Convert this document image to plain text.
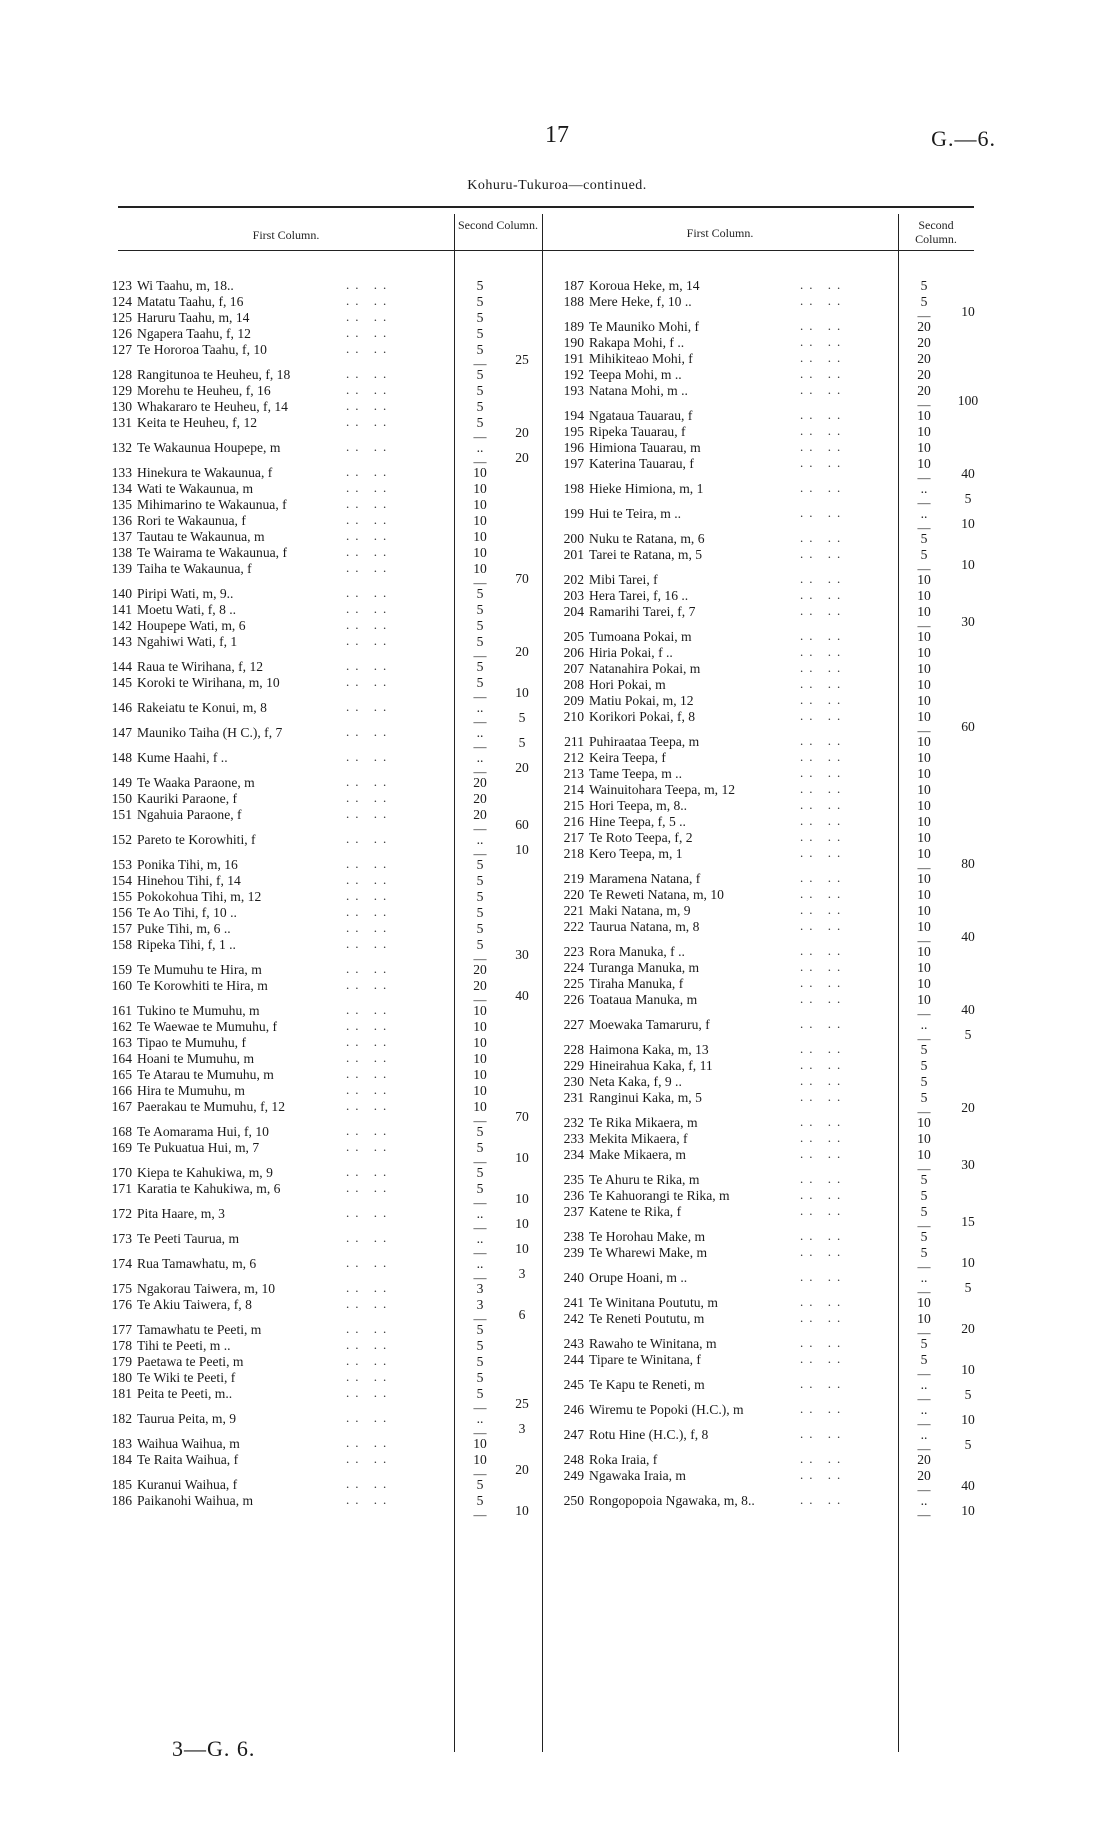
17	G.—6.
Kohuru-Tukuroa—continued.
First Column.
Second Column.
First Column.
Second Column.
123 Wi Taahu, m, 18..	.. ..	5
124 Matatu Taahu, f, 16	.. ..	5
125 Haruru Taahu, m, 14	.. ..	5
126 Ngapera Taahu, f, 12	.. ..	5
127 Te Hororoa Taahu, f, 10	.. ..	5
—	25
128 Rangitunoa te Heuheu, f, 18	.. ..	5
129 Morehu te Heuheu, f, 16	.. ..	5
130 Whakararo te Heuheu, f, 14	.. ..	5
131 Keita te Heuheu, f, 12	.. ..	5
—	20
132 Te Wakaunua Houpepe, m	.. ..	..
—	20
133 Hinekura te Wakaunua, f	.. ..	10
134 Wati te Wakaunua, m	.. ..	10
135 Mihimarino te Wakaunua, f	.. ..	10
136 Rori te Wakaunua, f	.. ..	10
137 Tautau te Wakaunua, m	.. ..	10
138 Te Wairama te Wakaunua, f	.. ..	10
139 Taiha te Wakaunua, f	.. ..	10
—	70
140 Piripi Wati, m, 9..	.. ..	5
141 Moetu Wati, f, 8 ..	.. ..	5
142 Houpepe Wati, m, 6	.. ..	5
143 Ngahiwi Wati, f, 1	.. ..	5
—	20
144 Raua te Wirihana, f, 12	.. ..	5
145 Koroki te Wirihana, m, 10	.. ..	5
—	10
146 Rakeiatu te Konui, m, 8	.. ..	..
—	5
147 Mauniko Taiha (H C.), f, 7	.. ..	..
—	5
148 Kume Haahi, f ..	.. ..	..
—	20
149 Te Waaka Paraone, m	.. ..	20
150 Kauriki Paraone, f	.. ..	20
151 Ngahuia Paraone, f	.. ..	20
—	60
152 Pareto te Korowhiti, f	.. ..	..
—	10
153 Ponika Tihi, m, 16	.. ..	5
154 Hinehou Tihi, f, 14	.. ..	5
155 Pokokohua Tihi, m, 12	.. ..	5
156 Te Ao Tihi, f, 10 ..	.. ..	5
157 Puke Tihi, m, 6 ..	.. ..	5
158 Ripeka Tihi, f, 1 ..	.. ..	5
—	30
159 Te Mumuhu te Hira, m	.. ..	20
160 Te Korowhiti te Hira, m	.. ..	20
—	40
161 Tukino te Mumuhu, m	.. ..	10
162 Te Waewae te Mumuhu, f	.. ..	10
163 Tipao te Mumuhu, f	.. ..	10
164 Hoani te Mumuhu, m	.. ..	10
165 Te Atarau te Mumuhu, m	.. ..	10
166 Hira te Mumuhu, m	.. ..	10
167 Paerakau te Mumuhu, f, 12	.. ..	10
—	70
168 Te Aomarama Hui, f, 10	.. ..	5
169 Te Pukuatua Hui, m, 7	.. ..	5
—	10
170 Kiepa te Kahukiwa, m, 9	.. ..	5
171 Karatia te Kahukiwa, m, 6	.. ..	5
—	10
172 Pita Haare, m, 3	.. ..	..
—	10
173 Te Peeti Taurua, m	.. ..	..
—	10
174 Rua Tamawhatu, m, 6	.. ..	..
—	3
175 Ngakorau Taiwera, m, 10	.. ..	3
176 Te Akiu Taiwera, f, 8	.. ..	3
—	6
177 Tamawhatu te Peeti, m	.. ..	5
178 Tihi te Peeti, m ..	.. ..	5
179 Paetawa te Peeti, m	.. ..	5
180 Te Wiki te Peeti, f	.. ..	5
181 Peita te Peeti, m..	.. ..	5
—	25
182 Taurua Peita, m, 9	.. ..	..
—	3
183 Waihua Waihua, m	.. ..	10
184 Te Raita Waihua, f	.. ..	10
—	20
185 Kuranui Waihua, f	.. ..	5
186 Paikanohi Waihua, m	.. ..	5
—	10
187 Koroua Heke, m, 14	.. ..	5
188 Mere Heke, f, 10 ..	.. ..	5
—	10
189 Te Mauniko Mohi, f	.. ..	20
190 Rakapa Mohi, f ..	.. ..	20
191 Mihikiteao Mohi, f	.. ..	20
192 Teepa Mohi, m ..	.. ..	20
193 Natana Mohi, m ..	.. ..	20
—	100
194 Ngataua Tauarau, f	.. ..	10
195 Ripeka Tauarau, f	.. ..	10
196 Himiona Tauarau, m	.. ..	10
197 Katerina Tauarau, f	.. ..	10
—	40
198 Hieke Himiona, m, 1	.. ..	..
—	5
199 Hui te Teira, m ..	.. ..	..
—	10
200 Nuku te Ratana, m, 6	.. ..	5
201 Tarei te Ratana, m, 5	.. ..	5
—	10
202 Mibi Tarei, f	.. ..	10
203 Hera Tarei, f, 16 ..	.. ..	10
204 Ramarihi Tarei, f, 7	.. ..	10
—	30
205 Tumoana Pokai, m	.. ..	10
206 Hiria Pokai, f ..	.. ..	10
207 Natanahira Pokai, m	.. ..	10
208 Hori Pokai, m	.. ..	10
209 Matiu Pokai, m, 12	.. ..	10
210 Korikori Pokai, f, 8	.. ..	10
—	60
211 Puhiraataa Teepa, m	.. ..	10
212 Keira Teepa, f	.. ..	10
213 Tame Teepa, m ..	.. ..	10
214 Wainuitohara Teepa, m, 12	.. ..	10
215 Hori Teepa, m, 8..	.. ..	10
216 Hine Teepa, f, 5 ..	.. ..	10
217 Te Roto Teepa, f, 2	.. ..	10
218 Kero Teepa, m, 1	.. ..	10
—	80
219 Maramena Natana, f	.. ..	10
220 Te Reweti Natana, m, 10	.. ..	10
221 Maki Natana, m, 9	.. ..	10
222 Taurua Natana, m, 8	.. ..	10
—	40
223 Rora Manuka, f ..	.. ..	10
224 Turanga Manuka, m	.. ..	10
225 Tiraha Manuka, f	.. ..	10
226 Toataua Manuka, m	.. ..	10
—	40
227 Moewaka Tamaruru, f	.. ..	..
—	5
228 Haimona Kaka, m, 13	.. ..	5
229 Hineirahua Kaka, f, 11	.. ..	5
230 Neta Kaka, f, 9 ..	.. ..	5
231 Ranginui Kaka, m, 5	.. ..	5
—	20
232 Te Rika Mikaera, m	.. ..	10
233 Mekita Mikaera, f	.. ..	10
234 Make Mikaera, m	.. ..	10
—	30
235 Te Ahuru te Rika, m	.. ..	5
236 Te Kahuorangi te Rika, m	.. ..	5
237 Katene te Rika, f	.. ..	5
—	15
238 Te Horohau Make, m	.. ..	5
239 Te Wharewi Make, m	.. ..	5
—	10
240 Orupe Hoani, m ..	.. ..	..
—	5
241 Te Winitana Poututu, m	.. ..	10
242 Te Reneti Poututu, m	.. ..	10
—	20
243 Rawaho te Winitana, m	.. ..	5
244 Tipare te Winitana, f	.. ..	5
—	10
245 Te Kapu te Reneti, m	.. ..	..
—	5
246 Wiremu te Popoki (H.C.), m	.. ..	..
—	10
247 Rotu Hine (H.C.), f, 8	.. ..	..
—	5
248 Roka Iraia, f	.. ..	20
249 Ngawaka Iraia, m	.. ..	20
—	40
250 Rongopopoia Ngawaka, m, 8..	.. ..	..
—	10
3—G. 6.
